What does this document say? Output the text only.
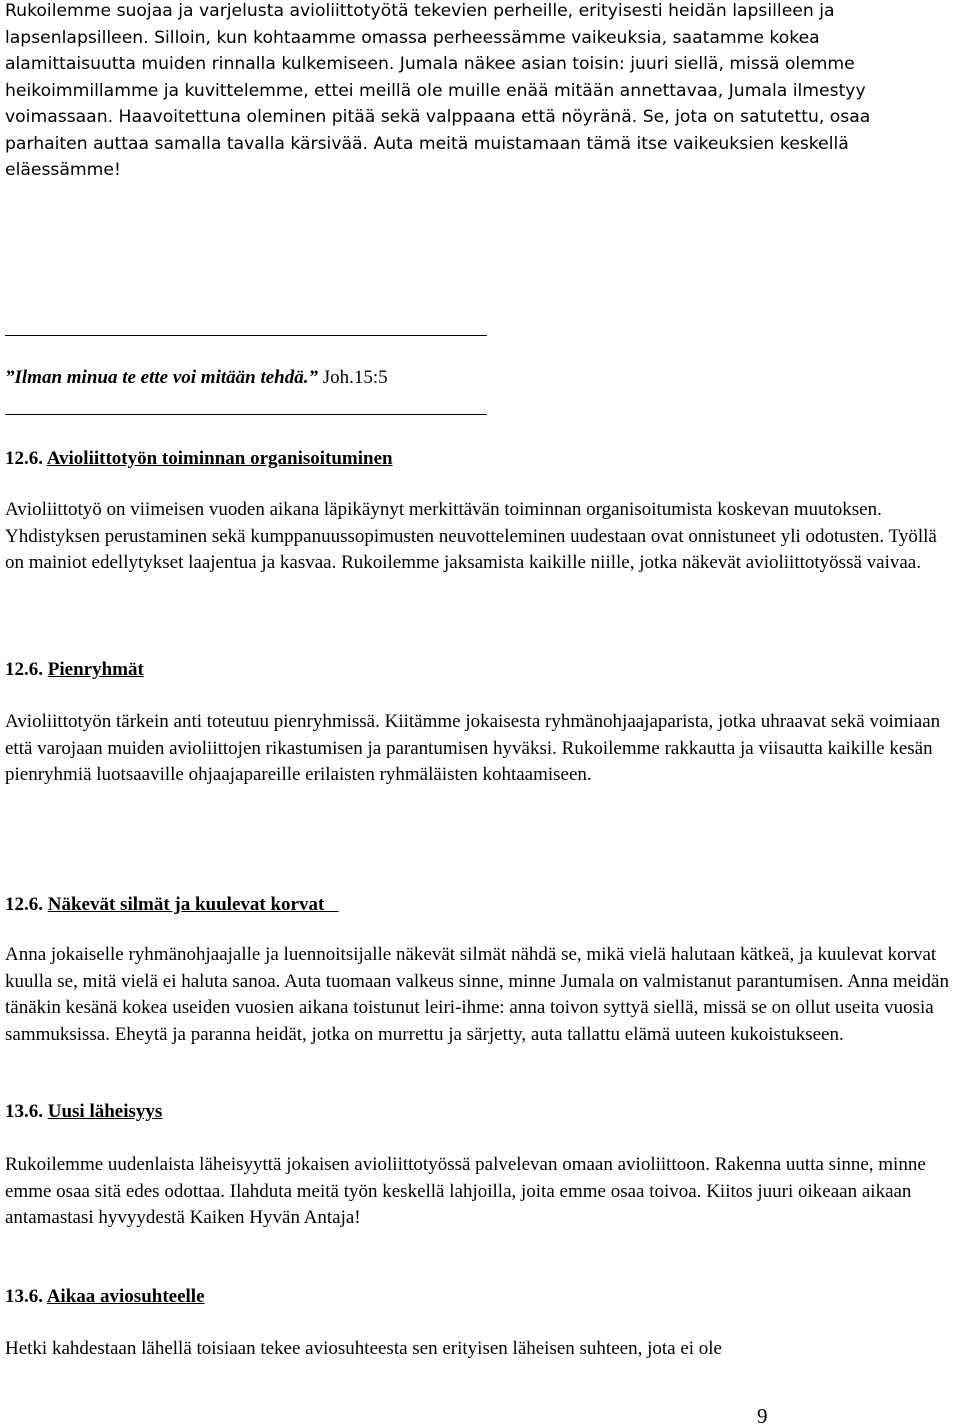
Rukoilemme suojaa ja varjelusta avioliittotyötä tekevien perheille, erityisesti heidän lapsilleen ja lapsenlapsilleen. Silloin, kun kohtaamme omassa perheessämme vaikeuksia, saatamme kokea alamittaisuutta muiden rinnalla kulkemiseen. Jumala näkee asian toisin: juuri siellä, missä olemme heikoimmillamme ja kuvittelemme, ettei meillä ole muille enää mitään annettavaa, Jumala ilmestyy voimassaan. Haavoitettuna oleminen pitää sekä valppaana että nöyränä. Se, jota on satutettu, osaa parhaiten auttaa samalla tavalla kärsivää. Auta meitä muistamaan tämä itse vaikeuksien keskellä eläessämme!
”Ilman minua te ette voi mitään tehdä.” Joh.15:5
12.6. Avioliittotyön toiminnan organisoituminen
Avioliittotyö on viimeisen vuoden aikana läpikäynyt merkittävän toiminnan organisoitumista koskevan muutoksen. Yhdistyksen perustaminen sekä kumppanuussopimusten neuvotteleminen uudestaan ovat onnistuneet yli odotusten. Työllä on mainiot edellytykset laajentua ja kasvaa. Rukoilemme jaksamista kaikille niille, jotka näkevät avioliittotyössä vaivaa.
12.6. Pienryhmät
Avioliittotyön tärkein anti toteutuu pienryhmissä. Kiitämme jokaisesta ryhmänohjaajaparista, jotka uhraavat sekä voimiaan että varojaan muiden avioliittojen rikastumisen ja parantumisen hyväksi. Rukoilemme rakkautta ja viisautta kaikille kesän pienryhmiä luotsaaville ohjaajapareille erilaisten ryhmäläisten kohtaamiseen.
12.6. Näkevät silmät ja kuulevat korvat
Anna jokaiselle ryhmänohjaajalle ja luennoitsijalle näkevät silmät nähdä se, mikä vielä halutaan kätkeä, ja kuulevat korvat kuulla se, mitä vielä ei haluta sanoa. Auta tuomaan valkeus sinne, minne Jumala on valmistanut parantumisen. Anna meidän tänäkin kesänä kokea useiden vuosien aikana toistunut leiri-ihme: anna toivon syttyä siellä, missä se on ollut useita vuosia sammuksissa. Eheytä ja paranna heidät, jotka on murrettu ja särjetty, auta tallattu elämä uuteen kukoistukseen.
13.6. Uusi läheisyys
Rukoilemme uudenlaista läheisyyttä jokaisen avioliittotyössä palvelevan omaan avioliittoon. Rakenna uutta sinne, minne emme osaa sitä edes odottaa. Ilahduta meitä työn keskellä lahjoilla, joita emme osaa toivoa. Kiitos juuri oikeaan aikaan antamastasi hyvyydestä Kaiken Hyvän Antaja!
13.6. Aikaa aviosuhteelle
Hetki kahdestaan lähellä toisiaan tekee aviosuhteesta sen erityisen läheisen suhteen, jota ei ole
9
